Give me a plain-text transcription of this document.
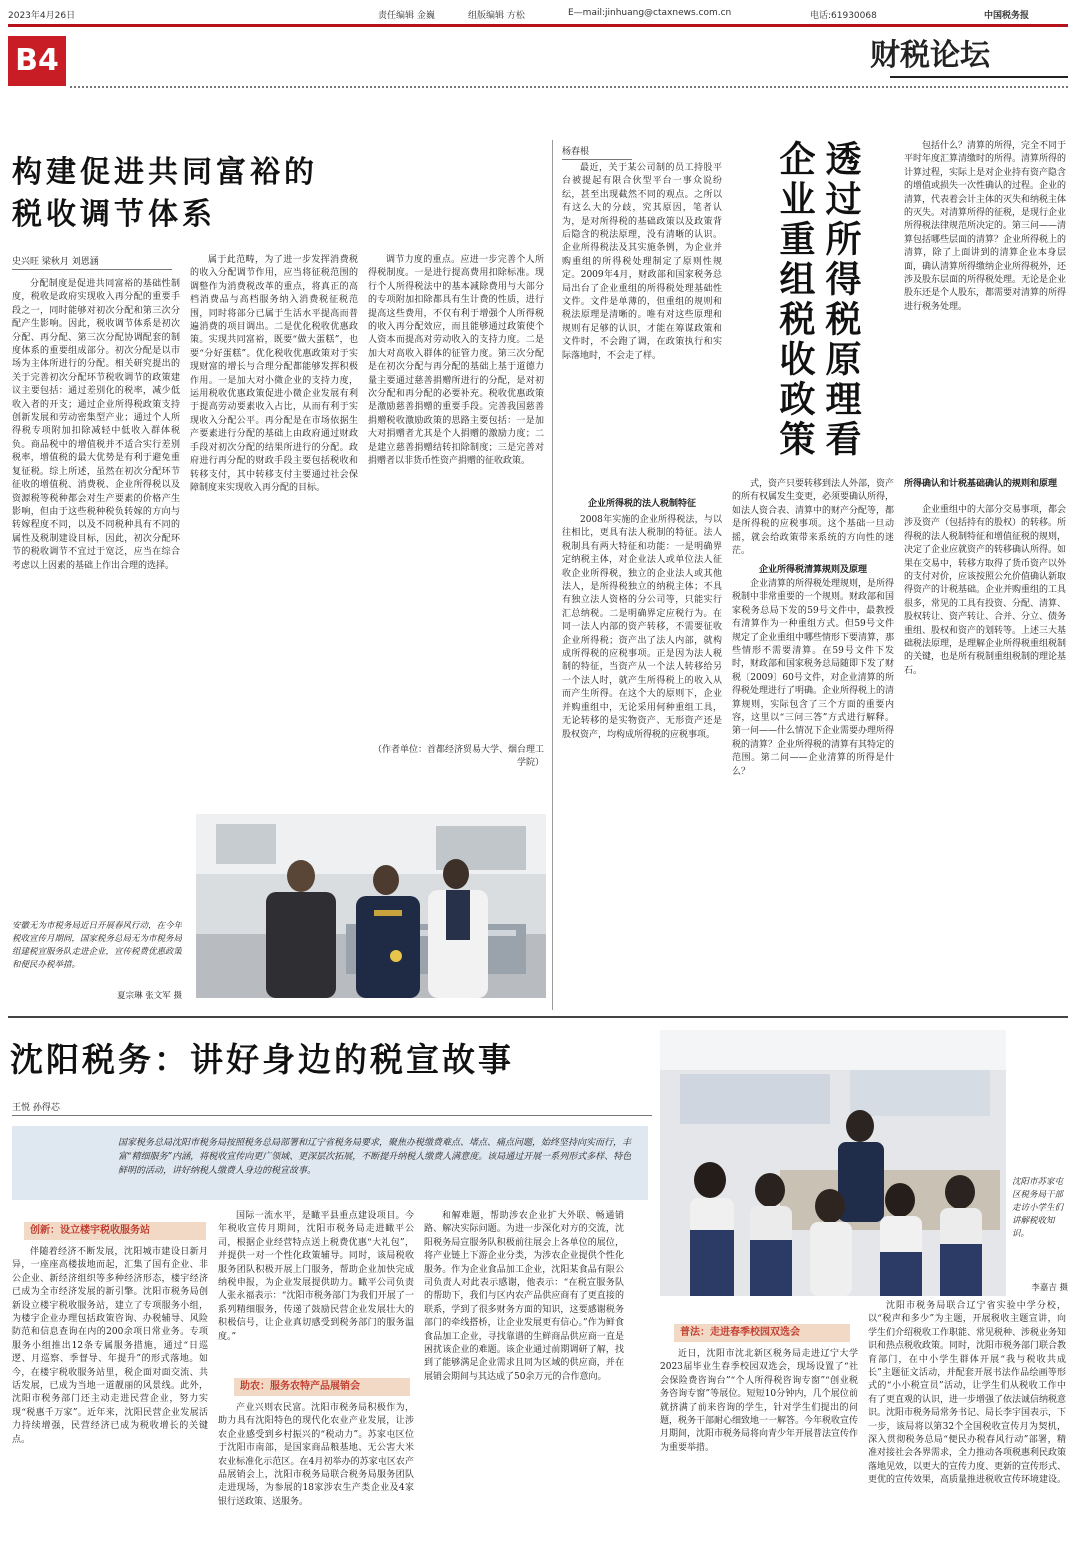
2023年4月26日	责任编辑 金巍	组版编辑 方松	E—mail:jinhuang@ctaxnews.com.cn	电话:61930068	中国税务报
B4	财税论坛
构建促进共同富裕的
税收调节体系
史兴旺 梁秋月 刘恩涵

分配制度是促进共同富裕的基础性制度，税收是政府实现收入再分配的重要手段之一，同时能够对初次分配和第三次分配产生影响。因此，税收调节体系是初次分配、再分配、第三次分配协调配套的制度体系的重要组成部分。初次分配是以市场为主体所进行的分配。相关研究提出的关于完善初次分配环节税收调节的政策建议主要包括：通过差别化的税率，减少低收入者的开支；通过企业所得税政策支持创新发展和劳动密集型产业；通过个人所得税专项附加扣除减轻中低收入群体税负。商品税中的增值税并不适合实行差别税率，增值税的最大优势是有利于避免重复征税。综上所述，虽然在初次分配环节征收的增值税、消费税、企业所得税以及资源税等税种都会对生产要素的价格产生影响，但由于这些税种税负转嫁的方向与转嫁程度不同，以及不同税种具有不同的属性及税制建设目标，因此，初次分配环节的税收调节不宜过于宽泛，应当在综合考虑以上因素的基础上作出合理的选择。

属于此范畴，为了进一步发挥消费税的收入分配调节作用，应当将征税范围的调整作为消费税改革的重点，将真正的高档消费品与高档服务纳入消费税征税范围，同时将部分已属于生活水平提高而普遍消费的项目调出。二是优化税收优惠政策。实现共同富裕，既要“做大蛋糕”，也要“分好蛋糕”。优化税收优惠政策对于实现财富的增长与合理分配都能够发挥积极作用。一是加大对小微企业的支持力度，运用税收优惠政策促进小微企业发展有利于提高劳动要素收入占比，从而有利于实现收入分配公平。再分配是在市场依据生产要素进行分配的基础上由政府通过财政手段对初次分配的结果所进行的分配。政府进行再分配的财政手段主要包括税收和转移支付，其中转移支付主要通过社会保障制度来实现收入再分配的目标。

调节力度的重点。应进一步完善个人所得税制度。一是进行提高费用扣除标准。现行个人所得税法中的基本减除费用与大部分的专项附加扣除都具有生计费的性质，进行提高这些费用，不仅有利于增强个人所得税的收入再分配效应，而且能够通过政策使个人资本而提高对劳动收入的支持力度。二是加大对高收入群体的征管力度。第三次分配是在初次分配与再分配的基础上基于道德力量主要通过慈善捐赠所进行的分配，是对初次分配和再分配的必要补充。税收优惠政策是激励慈善捐赠的重要手段。完善我国慈善捐赠税收激励政策的思路主要包括：一是加大对捐赠者尤其是个人捐赠的激励力度；二是建立慈善捐赠结转扣除制度；三是完善对捐赠者以非货币性资产捐赠的征收政策。

（作者单位：首都经济贸易大学、烟台理工学院）
安徽无为市税务局近日开展春风行动，在今年税收宣传月期间，国家税务总局无为市税务局组建税宣服务队走进企业，宣传税费优惠政策和便民办税举措。
夏宗琳 张文军 摄
杨春根

最近，关于某公司制的员工持股平台被提起有限合伙型平台一事众说纷纭，甚至出现截然不同的观点。之所以有这么大的分歧，究其原因，笔者认为，是对所得税的基础政策以及政策背后隐含的税法原理，没有清晰的认识。企业所得税法及其实施条例，为企业并购重组的所得税处理制定了原则性规定。2009年4月，财政部和国家税务总局出台了企业重组的所得税处理基础性文件。文件是单薄的，但重组的规则和税法原理是清晰的。唯有对这些原理和规则有足够的认识，才能在筹谋政策和文件时，不会跑了调，在政策执行和实际落地时，不会走了样。	透过所得税原理看企业重组税收政策
企业所得税的法人税制特征

2008年实施的企业所得税法，与以往相比，更具有法人税制的特征。法人税制具有两大特征和功能：一是明确界定纳税主体，对企业法人或单位法人征收企业所得税，独立的企业法人或其他法人，是所得税独立的纳税主体；不具有独立法人资格的分公司等，只能实行汇总纳税。二是明确界定应税行为。在同一法人内部的资产转移，不需要征收企业所得税；资产出了法人内部，就构成所得税的应税事项。正是因为法人税制的特征，当资产从一个法人转移给另一个法人时，就产生所得税上的收入从而产生所得。在这个大的原则下，企业并购重组中，无论采用何种重组工具，无论转移的是实物资产、无形资产还是股权资产，均构成所得税的应税事项。

式，资产只要转移到法人外部，资产的所有权属发生变更，必须要确认所得，如法人资合表、清算中的财产分配等，都是所得税的应税事项。这个基础一旦动摇，就会给政策带来系统的方向性的迷茫。

企业所得税清算规则及原理

企业清算的所得税处理规则，是所得税制中非常重要的一个规则。财政部和国家税务总局下发的59号文件中，最教授有清算作为一种重组方式。但59号文件规定了企业重组中哪些情形下要清算，那些情形不需要清算。在59号文件下发时，财政部和国家税务总局随即下发了财税〔2009〕60号文件，对企业清算的所得税处理进行了明确。企业所得税上的清算规则，实际包含了三个方面的重要内容，这里以“三问三答”方式进行解释。第一问——什么情况下企业需要办理所得税的清算？企业所得税的清算有其特定的范围。第二问——企业清算的所得是什么？

包括什么？清算的所得，完全不同于平时年度汇算清缴时的所得。清算所得的计算过程，实际上是对企业持有资产隐含的增值或损失一次性确认的过程。企业的清算，代表着会计主体的灭失和纳税主体的灭失。对清算所得的征税，是现行企业所得税法律规范所决定的。第三问——清算包括哪些层面的清算？企业所得税上的清算，除了上面讲到的清算企业本身层面，确认清算所得缴纳企业所得税外，还涉及股东层面的所得税处理。无论是企业股东还是个人股东，都需要对清算的所得进行税务处理。

所得确认和计税基础确认的规则和原理

企业重组中的大部分交易事项，都会涉及资产（包括持有的股权）的转移。所得税的法人税制特征和增值征税的规则，决定了企业应就资产的转移确认所得。如果在交易中，转移方取得了货币资产以外的支付对价，应该按照公允价值确认新取得资产的计税基础。企业并购重组的工具很多，常见的工具有投资、分配、清算、股权转让、资产转让、合并、分立、债务重组、股权和资产的划转等。上述三大基础税法原理，是理解企业所得税重组税制的关键，也是所有税制重组税制的理论基石。

沈阳税务：讲好身边的税宣故事
王悦 孙得芯
国家税务总局沈阳市税务局按照税务总局部署和辽宁省税务局要求，聚焦办税缴费难点、堵点、痛点问题，始终坚持向实而行，丰富“精细服务”内涵，将税收宣传向更广领域、更深层次拓展，不断提升纳税人缴费人满意度。该局通过开展一系列形式多样、特色鲜明的活动，讲好纳税人缴费人身边的税宣故事。
创新：设立楼宇税收服务站

伴随着经济不断发展，沈阳城市建设日新月异，一座座高楼拔地而起，汇集了国有企业、非公企业、新经济组织等多种经济形态，楼宇经济已成为全市经济发展的新引擎。沈阳市税务局创新设立楼宇税收服务站，建立了专项服务小组，为楼宇企业办理包括政策咨询、办税辅导、风险防范和信息查询在内的200余项日常业务。专项服务小组推出12条专属服务措施，通过“日巡逻、月巡察、季督导、年提升”的形式落地。如今，在楼宇税收服务站里，税企面对面交流、共话发展，已成为当地一道靓丽的风景线。此外，沈阳市税务部门还主动走进民营企业，努力实现“税惠千万家”。近年来，沈阳民营企业发展活力持续增强，民营经济已成为税收增长的关键点。

国际一流水平，是瞰平县重点建设项目。今年税收宣传月期间，沈阳市税务局走进瞰平公司，根据企业经营特点送上税费优惠“大礼包”，并提供一对一个性化政策辅导。同时，该局税收服务团队积极开展上门服务，帮助企业加快完成纳税申报，为企业发展提供助力。瞰平公司负责人张永福表示：“沈阳市税务部门为我们开展了一系列精细服务，传递了鼓励民营企业发展壮大的积极信号，让企业真切感受到税务部门的服务温度。”

助农：服务农特产品展销会

产业兴则农民富。沈阳市税务局积极作为，助力具有沈阳特色的现代化农业产业发展，让涉农企业感受到乡村振兴的“税动力”。苏家屯区位于沈阳市南部，是国家商品粮基地、无公害大米农业标准化示范区。在4月初举办的苏家屯区农产品展销会上，沈阳市税务局联合税务局服务团队走进现场，为参展的18家涉农生产类企业及4家银行送政策、送服务。

和解难题，帮助涉农企业扩大外联、畅通销路、解决实际问题。为进一步深化对方的交流，沈阳税务局宣服务队积极前往展会上各单位的展位，将产业链上下游企业分类，为涉农企业提供个性化服务。作为企业食品加工企业，沈阳某食品有限公司负责人对此表示感谢，他表示：“在税宣服务队的帮助下，我们与区内农产品供应商有了更直接的联系，学到了很多财务方面的知识，这要感谢税务部门的牵线搭桥，让企业发展更有信心。”作为鲜食食品加工企业，寻找靠谱的生鲜商品供应商一直是困扰该企业的难题。该企业通过前期调研了解，找到了能够满足企业需求且同为区域的供应商，并在展销会期间与其达成了50余万元的合作意向。

普法：走进春季校园双选会

近日，沈阳市沈北新区税务局走进辽宁大学2023届毕业生春季校园双选会，现场设置了“社会保险费咨询台”“个人所得税咨询专窗”“创业税务咨询专窗”等展位。短短10分钟内，几个展位前就挤满了前来咨询的学生，针对学生们提出的问题，税务干部耐心细致地一一解答。今年税收宣传月期间，沈阳市税务局将向青少年开展普法宣传作为重要举措。

沈阳市税务局联合辽宁省实验中学分校，以“税声和多少”为主题，开展税收主题宣讲，向学生们介绍税收工作职能、常见税种、涉税业务知识和热点税收政策。同时，沈阳市税务部门联合教育部门，在中小学生群体开展“我与税收共成长”主题征文活动，并配套开展书法作品绘画等形式的“小小税宣员”活动，让学生们从税收工作中有了更直观的认识，进一步增强了依法诚信纳税意识。沈阳市税务局常务书记、局长李宇国表示，下一步，该局将以第32个全国税收宣传月为契机，深入贯彻税务总局“便民办税春风行动”部署，精准对接社会各界需求，全力推动各项税惠利民政策落地见效，以更大的宣传力度、更新的宣传形式、更优的宣传效果，高质量推进税收宣传环境建设。

沈阳市苏家屯区税务局干部走访小学生们讲解税收知识。
李嘉吉 摄
